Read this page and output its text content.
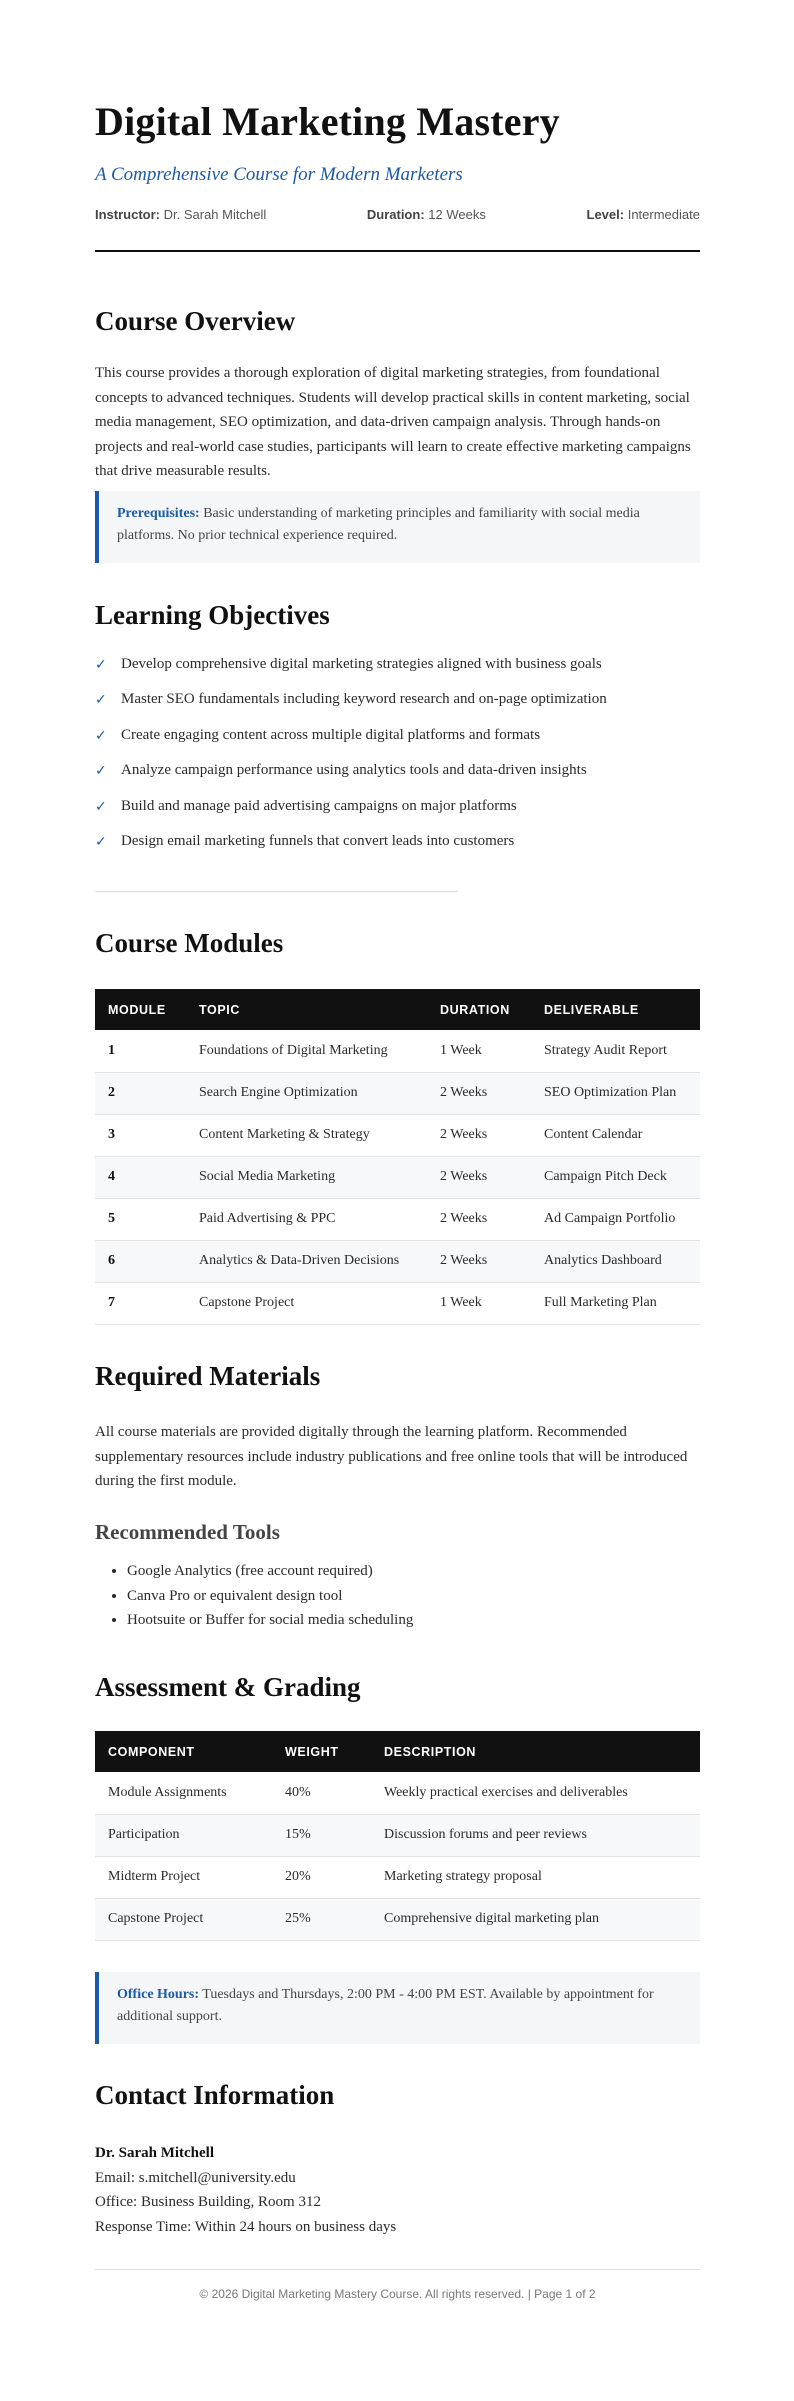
Digital Marketing Mastery
A Comprehensive Course for Modern Marketers
Instructor: Dr. Sarah Mitchell	Duration: 12 Weeks	Level: Intermediate
Course Overview

This course provides a thorough exploration of digital marketing strategies, from foundational concepts to advanced techniques. Students will develop practical skills in content marketing, social media management, SEO optimization, and data-driven campaign analysis. Through hands-on projects and real-world case studies, participants will learn to create effective marketing campaigns that drive measurable results.

Prerequisites: Basic understanding of marketing principles and familiarity with social media platforms. No prior technical experience required.
Learning Objectives
✓ Develop comprehensive digital marketing strategies aligned with business goals
✓ Master SEO fundamentals including keyword research and on-page optimization
✓ Create engaging content across multiple digital platforms and formats
✓ Analyze campaign performance using analytics tools and data-driven insights
✓ Build and manage paid advertising campaigns on major platforms
✓ Design email marketing funnels that convert leads into customers
Course Modules
MODULE	TOPIC	DURATION	DELIVERABLE
1	Foundations of Digital Marketing	1 Week	Strategy Audit Report
2	Search Engine Optimization	2 Weeks	SEO Optimization Plan
3	Content Marketing & Strategy	2 Weeks	Content Calendar
4	Social Media Marketing	2 Weeks	Campaign Pitch Deck
5	Paid Advertising & PPC	2 Weeks	Ad Campaign Portfolio
6	Analytics & Data-Driven Decisions	2 Weeks	Analytics Dashboard
7	Capstone Project	1 Week	Full Marketing Plan
Required Materials

All course materials are provided digitally through the learning platform. Recommended supplementary resources include industry publications and free online tools that will be introduced during the first module.

Recommended Tools
• Google Analytics (free account required)
• Canva Pro or equivalent design tool
• Hootsuite or Buffer for social media scheduling
Assessment & Grading
COMPONENT	WEIGHT	DESCRIPTION
Module Assignments	40%	Weekly practical exercises and deliverables
Participation	15%	Discussion forums and peer reviews
Midterm Project	20%	Marketing strategy proposal
Capstone Project	25%	Comprehensive digital marketing plan
Office Hours: Tuesdays and Thursdays, 2:00 PM - 4:00 PM EST. Available by appointment for additional support.
Contact Information
Dr. Sarah Mitchell
Email: s.mitchell@university.edu
Office: Business Building, Room 312
Response Time: Within 24 hours on business days
© 2026 Digital Marketing Mastery Course. All rights reserved. | Page 1 of 2
